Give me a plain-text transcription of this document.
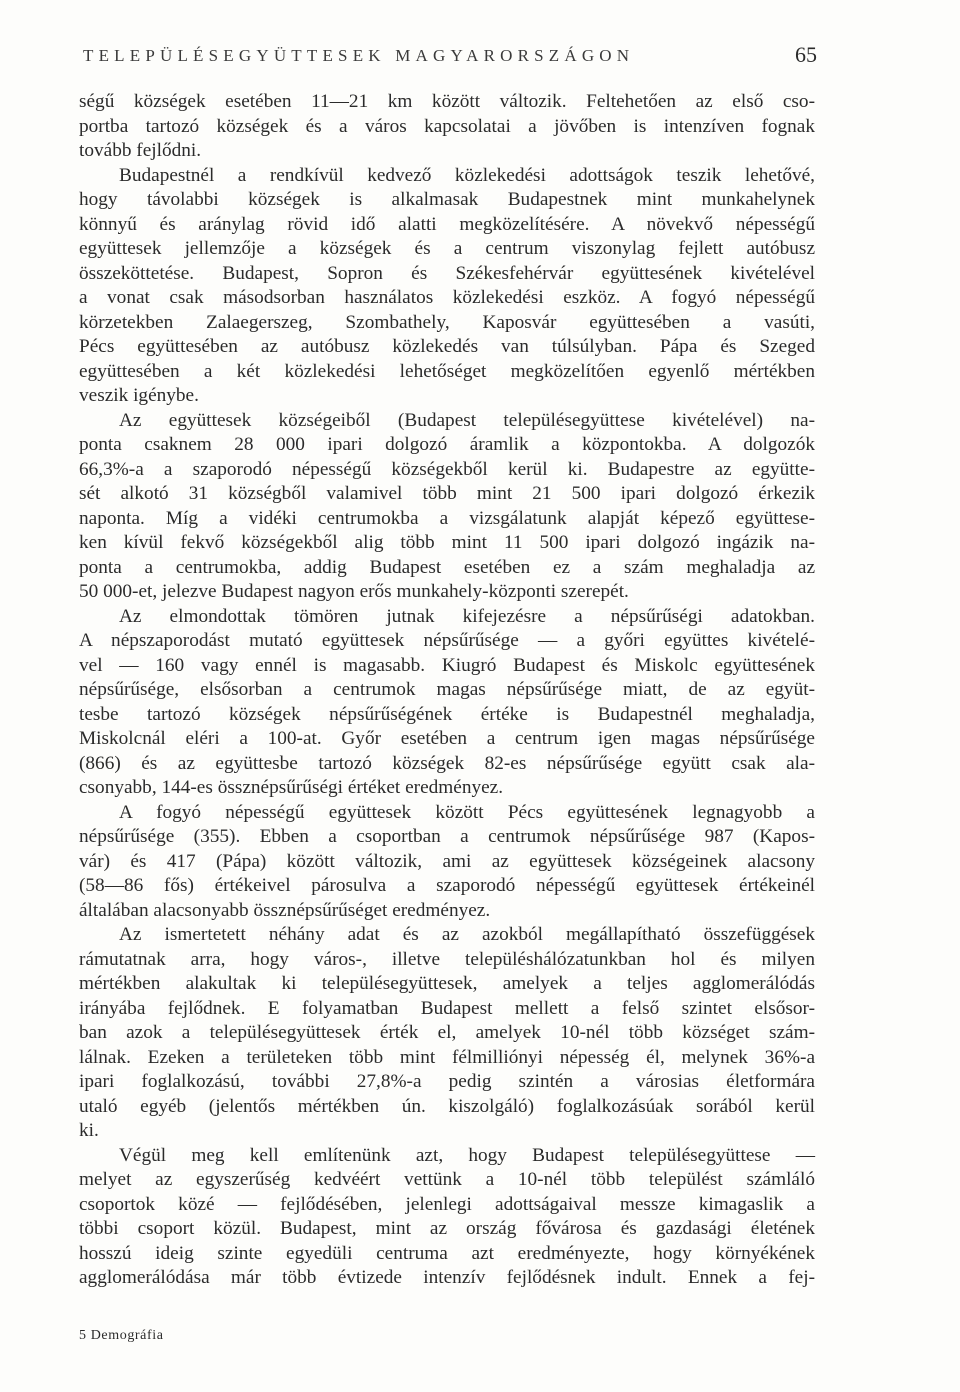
TELEPÜLÉSEGYÜTTESEK MAGYARORSZÁGON	65
ségű községek esetében 11—21 km között változik. Feltehetően az első cso-
portba tartozó községek és a város kapcsolatai a jövőben is intenzíven fognak
tovább fejlődni.
Budapestnél a rendkívül kedvező közlekedési adottságok teszik lehetővé,
hogy távolabbi községek is alkalmasak Budapestnek mint munkahelynek
könnyű és aránylag rövid idő alatti megközelítésére. A növekvő népességű
együttesek jellemzője a községek és a centrum viszonylag fejlett autóbusz
összeköttetése. Budapest, Sopron és Székesfehérvár együttesének kivételével
a vonat csak másodsorban használatos közlekedési eszköz. A fogyó népességű
körzetekben Zalaegerszeg, Szombathely, Kaposvár együttesében a vasúti,
Pécs együttesében az autóbusz közlekedés van túlsúlyban. Pápa és Szeged
együttesében a két közlekedési lehetőséget megközelítően egyenlő mértékben
veszik igénybe.
Az együttesek községeiből (Budapest településegyüttese kivételével) na-
ponta csaknem 28 000 ipari dolgozó áramlik a központokba. A dolgozók
66,3%-a a szaporodó népességű községekből kerül ki. Budapestre az együtte-
sét alkotó 31 községből valamivel több mint 21 500 ipari dolgozó érkezik
naponta. Míg a vidéki centrumokba a vizsgálatunk alapját képező együttese-
ken kívül fekvő községekből alig több mint 11 500 ipari dolgozó ingázik na-
ponta a centrumokba, addig Budapest esetében ez a szám meghaladja az
50 000-et, jelezve Budapest nagyon erős munkahely-központi szerepét.
Az elmondottak tömören jutnak kifejezésre a népsűrűségi adatokban.
A népszaporodást mutató együttesek népsűrűsége — a győri együttes kivételé-
vel — 160 vagy ennél is magasabb. Kiugró Budapest és Miskolc együttesének
népsűrűsége, elsősorban a centrumok magas népsűrűsége miatt, de az együt-
tesbe tartozó községek népsűrűségének értéke is Budapestnél meghaladja,
Miskolcnál eléri a 100-at. Győr esetében a centrum igen magas népsűrűsége
(866) és az együttesbe tartozó községek 82-es népsűrűsége együtt csak ala-
csonyabb, 144-es össznépsűrűségi értéket eredményez.
A fogyó népességű együttesek között Pécs együttesének legnagyobb a
népsűrűsége (355). Ebben a csoportban a centrumok népsűrűsége 987 (Kapos-
vár) és 417 (Pápa) között változik, ami az együttesek községeinek alacsony
(58—86 fős) értékeivel párosulva a szaporodó népességű együttesek értékeinél
általában alacsonyabb össznépsűrűséget eredményez.
Az ismertetett néhány adat és az azokból megállapítható összefüggések
rámutatnak arra, hogy város-, illetve településhálózatunkban hol és milyen
mértékben alakultak ki településegyüttesek, amelyek a teljes agglomerálódás
irányába fejlődnek. E folyamatban Budapest mellett a felső szintet elsősor-
ban azok a településegyüttesek érték el, amelyek 10-nél több községet szám-
lálnak. Ezeken a területeken több mint félmilliónyi népesség él, melynek 36%-a
ipari foglalkozású, további 27,8%-a pedig szintén a városias életformára
utaló egyéb (jelentős mértékben ún. kiszolgáló) foglalkozásúak sorából kerül
ki.
Végül meg kell említenünk azt, hogy Budapest településegyüttese —
melyet az egyszerűség kedvéért vettünk a 10-nél több települést számláló
csoportok közé — fejlődésében, jelenlegi adottságaival messze kimagaslik a
többi csoport közül. Budapest, mint az ország fővárosa és gazdasági életének
hosszú ideig szinte egyedüli centruma azt eredményezte, hogy környékének
agglomerálódása már több évtizede intenzív fejlődésnek indult. Ennek a fej-
5 Demográfia
